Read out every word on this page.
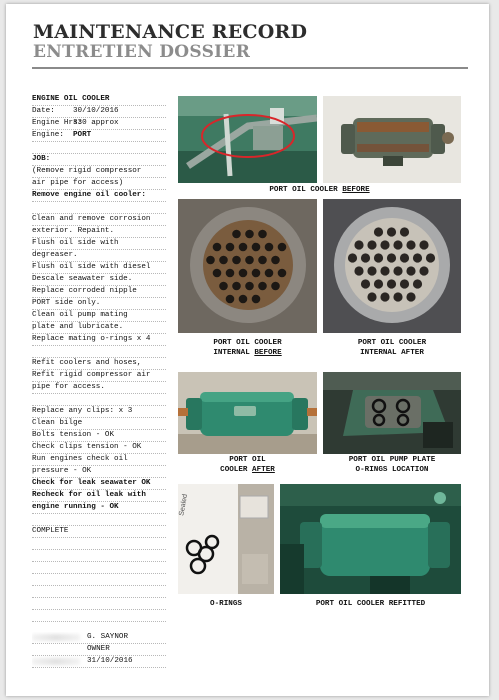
MAINTENANCE RECORD
ENTRETIEN DOSSIER
ENGINE OIL COOLER
Date: 30/10/2016
Engine Hrs:
330 approx
Engine: PORT
JOB:
(Remove rigid compressor
air pipe for access)
Remove engine oil cooler:
Clean and remove corrosion
exterior. Repaint.
Flush oil side with
degreaser.
Flush oil side with diesel
Descale seawater side.
Replace corroded nipple
PORT side only.
Clean oil pump mating
plate and lubricate.
Replace mating o-rings x 4
Refit coolers and hoses,
Refit rigid compressor air
pipe for access.
Replace any clips: x 3
Clean bilge
Bolts tension - OK
Check clips tension - OK
Run engines check oil
pressure - OK
Check for leak seawater OK
Recheck for oil leak with
engine running - OK
COMPLETE
G. SAYNOR
OWNER
31/10/2016
PORT OIL COOLER BEFORE
PORT OIL COOLER
INTERNAL BEFORE
PORT OIL COOLER
INTERNAL AFTER
PORT OIL
COOLER AFTER
PORT OIL PUMP PLATE
O-RINGS LOCATION
Sealed
O-RINGS	PORT OIL COOLER REFITTED
